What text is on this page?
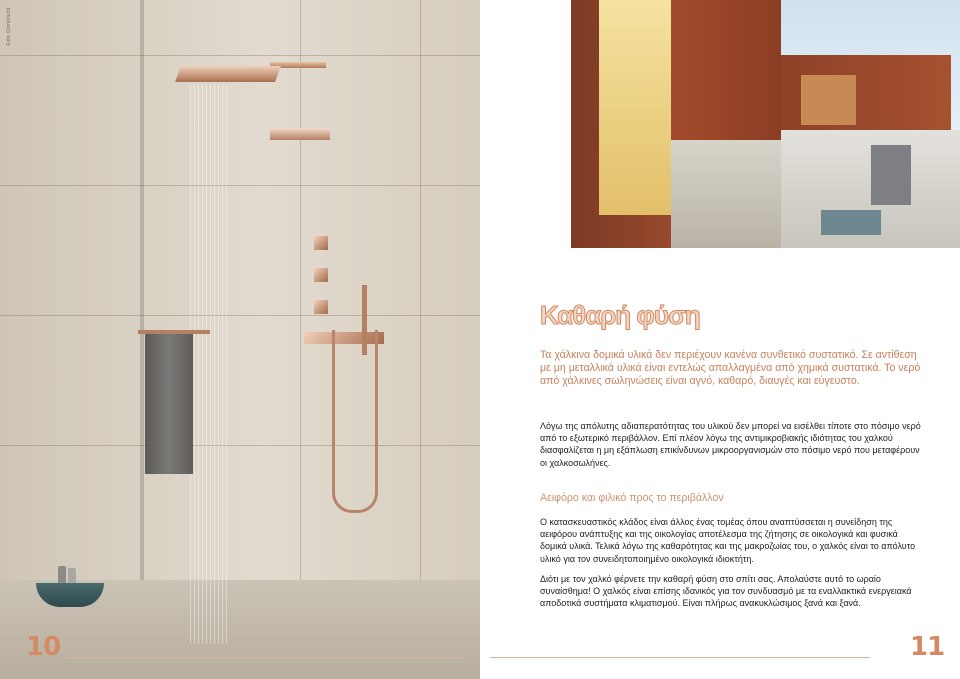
Foto: Dornbracht
10
Καθαρή φύση
Τα χάλκινα δομικά υλικά δεν περιέχουν κανένα συνθετικό συστατικό. Σε αντίθεση με μη μεταλλικά υλικά είναι εντελώς απαλλαγμένα από χημικά συστατικά. Το νερό από χάλκινες σωληνώσεις είναι αγνό, καθαρό, διαυγές και εύγευστο.
Λόγω της απόλυτης αδιαπερατότητας του υλικού δεν μπορεί να εισέλθει τίποτε στο πόσιμο νερό από το εξωτερικό περιβάλλον. Επί πλέον λόγω της αντιμικροβιακής ιδιότητας του χαλκού διασφαλίζεται η μη εξάπλωση επικίνδυνων μικροοργανισμών στο πόσιμο νερό που μεταφέρουν οι χαλκοσωλήνες.
Αειφόρο και φιλικό προς το περιβάλλον
Ο κατασκευαστικός κλάδος είναι άλλος ένας τομέας όπου αναπτύσσεται η συνείδηση της αειφόρου ανάπτυξης και της οικολογίας αποτέλεσμα της ζήτησης σε οικολογικά και φυσικά δομικά υλικά. Τελικά λόγω της καθαρότητας και της μακροζωίας του, ο χαλκός είναι το απόλυτο υλικό για τον συνειδητοποιημένο οικολογικά ιδιοκτήτη.
Διότι με τον χαλκό φέρνετε την καθαρή φύση στο σπίτι σας. Απολαύστε αυτό το ωραίο συναίσθημα! Ο χαλκός είναι επίσης ιδανικός για τον συνδυασμό με τα εναλλακτικά ενεργειακά αποδοτικά συστήματα κλιματισμού. Είναι πλήρως ανακυκλώσιμος ξανά και ξανά.
11
